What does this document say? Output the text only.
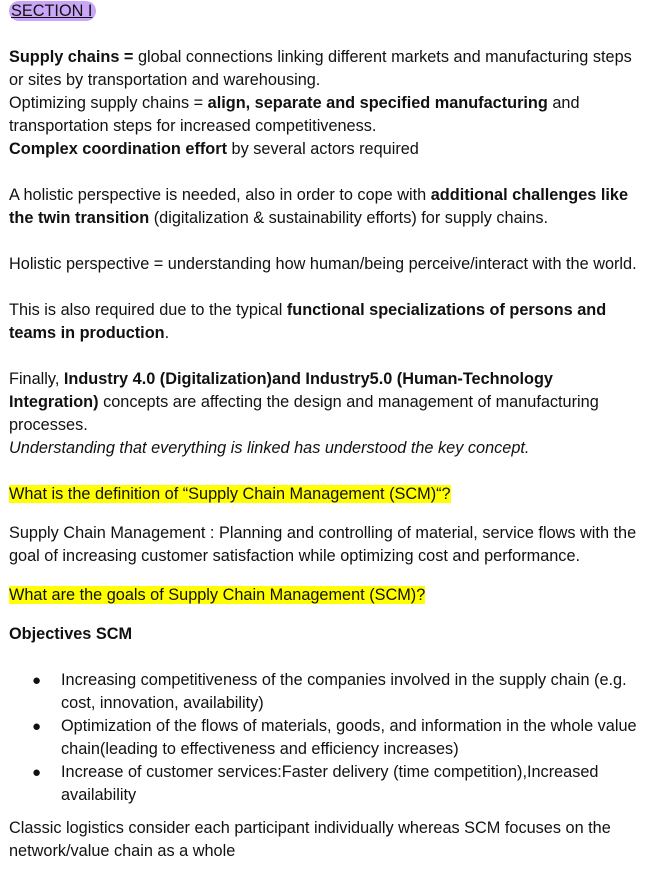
SECTION I

Supply chains = global connections linking different markets and manufacturing steps or sites by transportation and warehousing.

Optimizing supply chains = align, separate and specified manufacturing and transportation steps for increased competitiveness.

Complex coordination effort by several actors required

A holistic perspective is needed, also in order to cope with additional challenges like the twin transition (digitalization & sustainability efforts) for supply chains.

Holistic perspective = understanding how human/being perceive/interact with the world.

This is also required due to the typical functional specializations of persons and teams in production.

Finally, Industry 4.0 (Digitalization)and Industry5.0 (Human-Technology Integration) concepts are affecting the design and management of manufacturing processes.

Understanding that everything is linked has understood the key concept.

What is the definition of “Supply Chain Management (SCM)“?

Supply Chain Management : Planning and controlling of material, service flows with the goal of increasing customer satisfaction while optimizing cost and performance.

What are the goals of Supply Chain Management (SCM)?

Objectives SCM

● Increasing competitiveness of the companies involved in the supply chain (e.g. cost, innovation, availability)
● Optimization of the flows of materials, goods, and information in the whole value chain(leading to effectiveness and efficiency increases)
● Increase of customer services:Faster delivery (time competition),Increased availability

Classic logistics consider each participant individually whereas SCM focuses on the network/value chain as a whole
